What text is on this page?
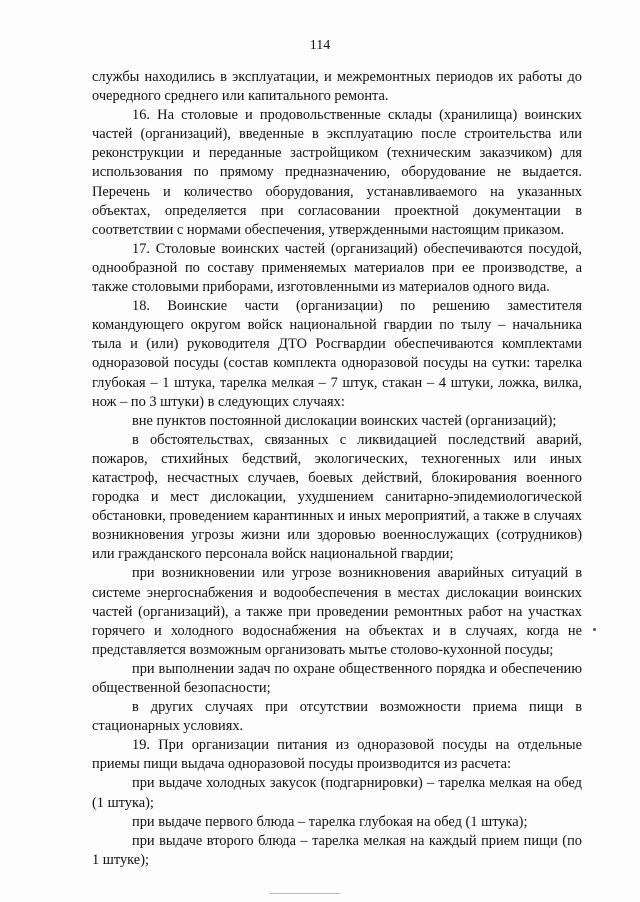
114

службы находились в эксплуатации, и межремонтных периодов их работы до очередного среднего или капитального ремонта.

16. На столовые и продовольственные склады (хранилища) воинских частей (организаций), введенные в эксплуатацию после строительства или реконструкции и переданные застройщиком (техническим заказчиком) для использования по прямому предназначению, оборудование не выдается. Перечень и количество оборудования, устанавливаемого на указанных объектах, определяется при согласовании проектной документации в соответствии с нормами обеспечения, утвержденными настоящим приказом.

17. Столовые воинских частей (организаций) обеспечиваются посудой, однообразной по составу применяемых материалов при ее производстве, а также столовыми приборами, изготовленными из материалов одного вида.

18. Воинские части (организации) по решению заместителя командующего округом войск национальной гвардии по тылу – начальника тыла и (или) руководителя ДТО Росгвардии обеспечиваются комплектами одноразовой посуды (состав комплекта одноразовой посуды на сутки: тарелка глубокая – 1 штука, тарелка мелкая – 7 штук, стакан – 4 штуки, ложка, вилка, нож – по 3 штуки) в следующих случаях:

вне пунктов постоянной дислокации воинских частей (организаций);

в обстоятельствах, связанных с ликвидацией последствий аварий, пожаров, стихийных бедствий, экологических, техногенных или иных катастроф, несчастных случаев, боевых действий, блокирования военного городка и мест дислокации, ухудшением санитарно-эпидемиологической обстановки, проведением карантинных и иных мероприятий, а также в случаях возникновения угрозы жизни или здоровью военнослужащих (сотрудников) или гражданского персонала войск национальной гвардии;

при возникновении или угрозе возникновения аварийных ситуаций в системе энергоснабжения и водообеспечения в местах дислокации воинских частей (организаций), а также при проведении ремонтных работ на участках горячего и холодного водоснабжения на объектах и в случаях, когда не представляется возможным организовать мытье столово-кухонной посуды;

при выполнении задач по охране общественного порядка и обеспечению общественной безопасности;

в других случаях при отсутствии возможности приема пищи в стационарных условиях.

19. При организации питания из одноразовой посуды на отдельные приемы пищи выдача одноразовой посуды производится из расчета:

при выдаче холодных закусок (подгарнировки) – тарелка мелкая на обед (1 штука);

при выдаче первого блюда – тарелка глубокая на обед (1 штука);

при выдаче второго блюда – тарелка мелкая на каждый прием пищи (по 1 штуке);
